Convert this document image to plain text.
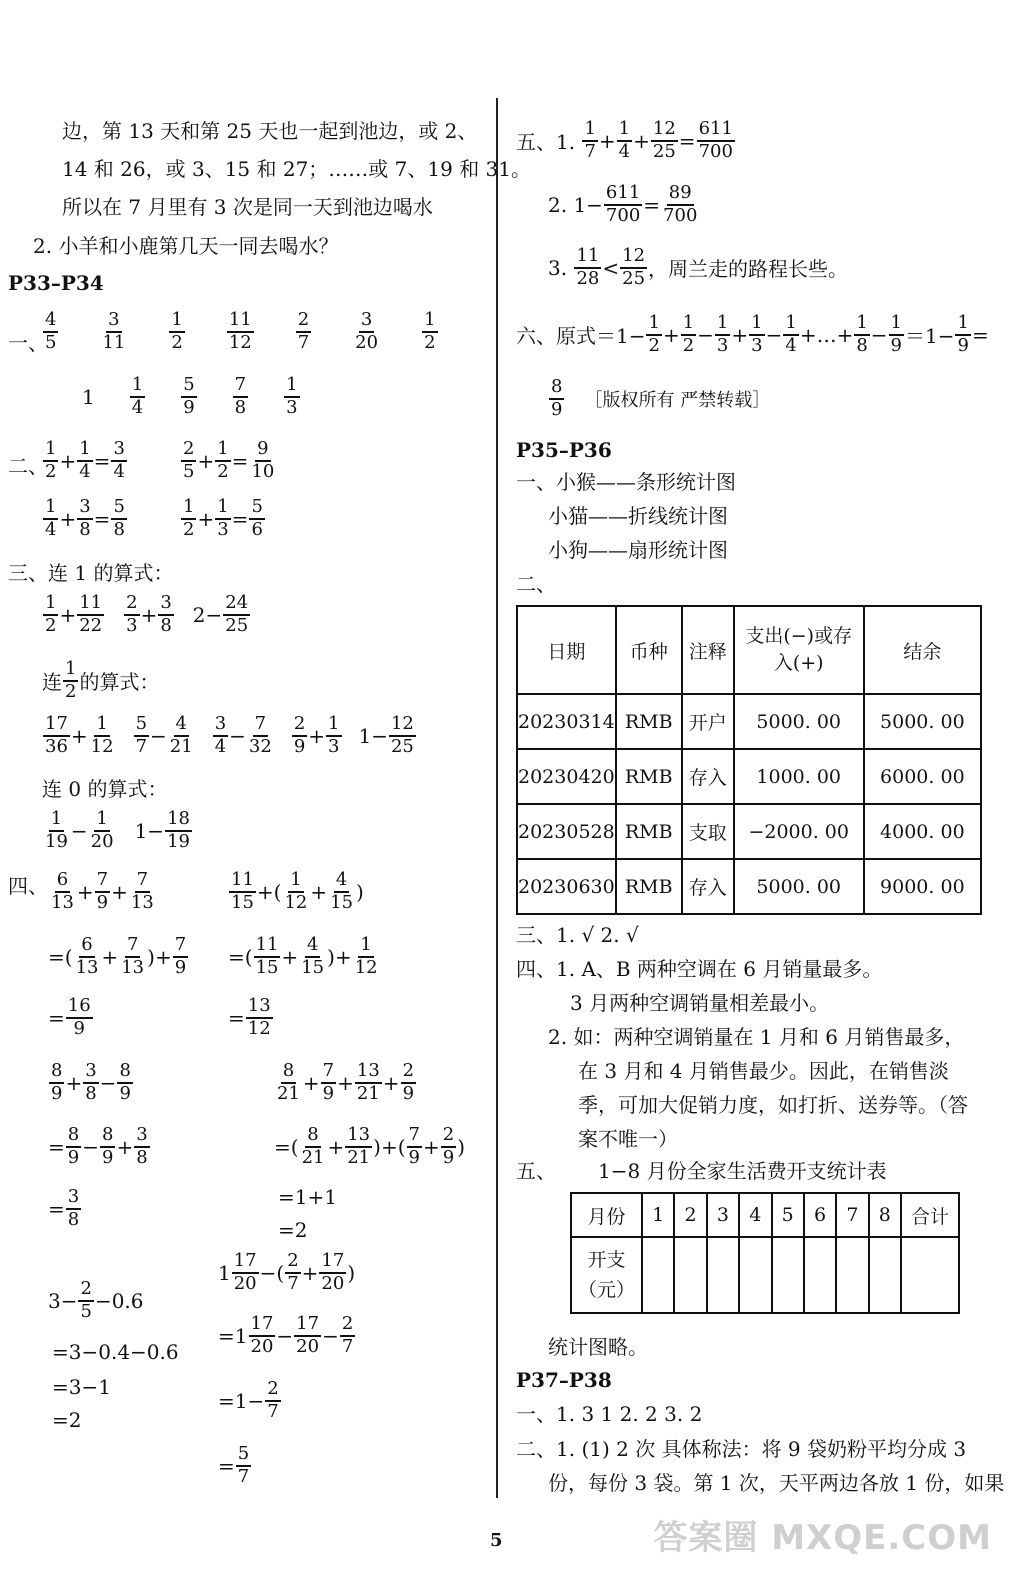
边，第 13 天和第 25 天也一起到池边，或 2、
14 和 26，或 3、15 和 27；……或 7、19 和 31。
所以在 7 月里有 3 次是同一天到池边喝水
2. 小羊和小鹿第几天一同去喝水？
P33–P34
一、
4
5
3
11
1
2
11
12
2
7
3
20
1
2
1
1
4
5
9
7
8
1
3
二、
1
2 +
1
4 =
3
4
2
5 +
1
2 =
9
10
1
4 +
3
8 =
5
8
1
2 +
1
3 =
5
6
三、连 1 的算式：
1
2 +
11
22
2
3 +
3
8 $2- \frac{24}{25}$
连
1
2 的算式：
17
36 +
1
12
5
7 −
4
21
3
4 −
7
32
2
9 +
1
3 $1- \frac{12}{25}$
连 0 的算式：
1
19 −
1
20 $1- \frac{18}{19}$
四、 6
13 +
7
9 +
7
13
=(
6
13 +
7
13 )+
7
9
=
16
9
8
9 +
3
8 −
8
9
=
8
9 −
8
9 +
3
8
=
3
8
$3- \frac{2}{5} -0.6$
=3−0.4−0.6
=3−1
=2
11
15 +(
1
12 +
4
15 )
=(
11
15 +
4
15 )+
1
12
=
13
12
8
21 +
7
9 +
13
21 +
2
9
=(
8
21 +
13
21 )+(
7
9 +
2
9 )
=1+1
=2
1
17
20 −(
2
7 +
17
20 )
= 1
17
20 −
17
20 −
2
7
=1−
2
7
=
5
7
五、1.

1
7 +
1
4 +
12
25 =
611
700
2. $1- \frac{611}{700}$ =
89
700
3.

11
28 <
12
25 ，周兰走的路程长些。
六、原式$=1- \frac{1}{2}$ +
1
2 −
1
3 +
1
3 −
1
4 +…+
1
8 −
1
$9 =1- \frac{1}{9}$ =
8
9
［版权所有 严禁转载］
P35–P36
一、小猴——条形统计图
小猫——折线统计图
小狗——扇形统计图
二、
日期	币种	注释	支出(−)或存入(+)	结余
20230314	RMB	开户	5000. 00	5000. 00
20230420	RMB	存入	1000. 00	6000. 00
20230528	RMB	支取	−2000. 00	4000. 00
20230630	RMB	存入	5000. 00	9000. 00
三、1. √ 2. √
四、1. A、B 两种空调在 6 月销量最多。
3 月两种空调销量相差最小。
2. 如：两种空调销量在 1 月和 6 月销售最多，
在 3 月和 4 月销售最少。因此，在销售淡
季，可加大促销力度，如打折、送券等。（答
案不唯一）
五、 1−8 月份全家生活费开支统计表
月份	1	2	3	4	5	6	7	8	合计
开支（元）									
统计图略。
P37–P38
一、1. 3 1 2. 2 3. 2
二、1. (1) 2 次 具体称法：将 9 袋奶粉平均分成 3
份，每份 3 袋。第 1 次，天平两边各放 1 份，如果
5	答案圈 MXQE.COM
